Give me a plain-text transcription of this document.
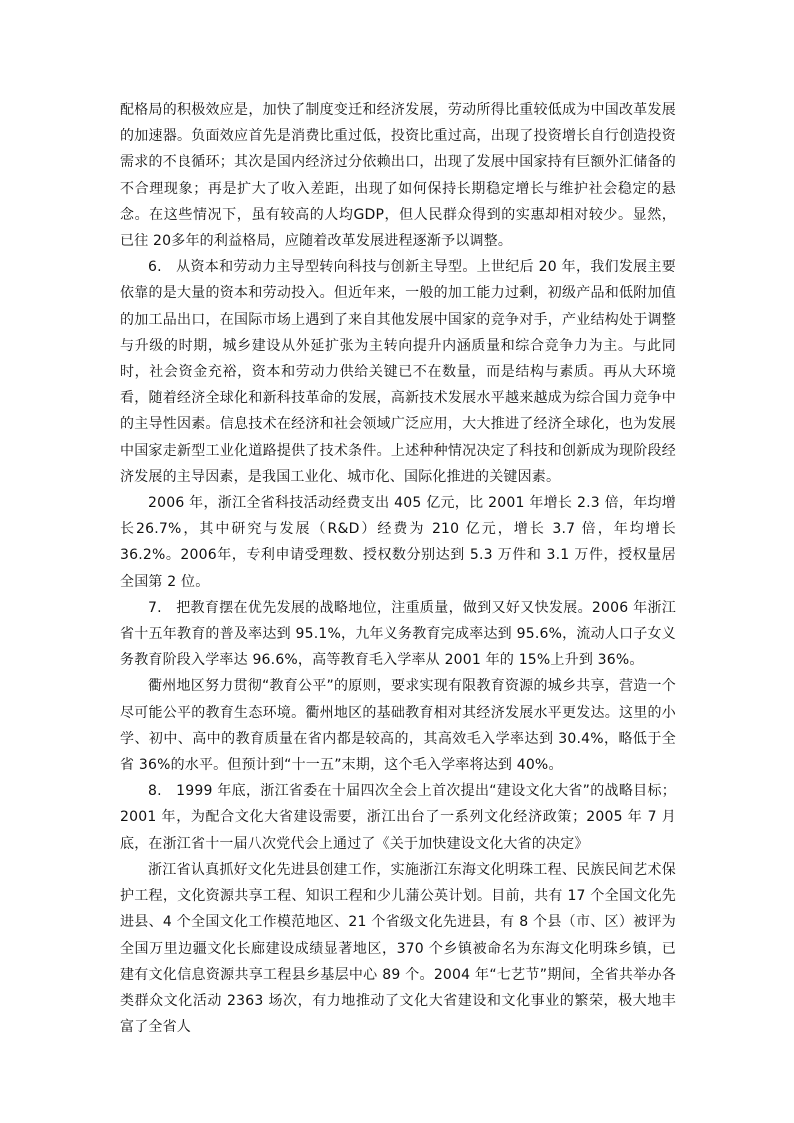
配格局的积极效应是，加快了制度变迁和经济发展，劳动所得比重较低成为中国改革发展的加速器。负面效应首先是消费比重过低，投资比重过高，出现了投资增长自行创造投资需求的不良循环；其次是国内经济过分依赖出口，出现了发展中国家持有巨额外汇储备的不合理现象；再是扩大了收入差距，出现了如何保持长期稳定增长与维护社会稳定的悬念。在这些情况下，虽有较高的人均GDP，但人民群众得到的实惠却相对较少。显然，已往 20多年的利益格局，应随着改革发展进程逐渐予以调整。

6.　从资本和劳动力主导型转向科技与创新主导型。上世纪后 20 年，我们发展主要依靠的是大量的资本和劳动投入。但近年来，一般的加工能力过剩，初级产品和低附加值的加工品出口，在国际市场上遇到了来自其他发展中国家的竞争对手，产业结构处于调整与升级的时期，城乡建设从外延扩张为主转向提升内涵质量和综合竞争力为主。与此同时，社会资金充裕，资本和劳动力供给关键已不在数量，而是结构与素质。再从大环境看，随着经济全球化和新科技革命的发展，高新技术发展水平越来越成为综合国力竞争中的主导性因素。信息技术在经济和社会领域广泛应用，大大推进了经济全球化，也为发展中国家走新型工业化道路提供了技术条件。上述种种情况决定了科技和创新成为现阶段经济发展的主导因素，是我国工业化、城市化、国际化推进的关键因素。

2006 年，浙江全省科技活动经费支出 405 亿元，比 2001 年增长 2.3 倍，年均增长26.7%，其中研究与发展（R&D）经费为 210 亿元，增长 3.7 倍，年均增长 36.2%。2006年，专利申请受理数、授权数分别达到 5.3 万件和 3.1 万件，授权量居全国第 2 位。

7.　把教育摆在优先发展的战略地位，注重质量，做到又好又快发展。2006 年浙江省十五年教育的普及率达到 95.1%，九年义务教育完成率达到 95.6%，流动人口子女义务教育阶段入学率达 96.6%，高等教育毛入学率从 2001 年的 15%上升到 36%。

衢州地区努力贯彻“教育公平”的原则，要求实现有限教育资源的城乡共享，营造一个尽可能公平的教育生态环境。衢州地区的基础教育相对其经济发展水平更发达。这里的小学、初中、高中的教育质量在省内都是较高的，其高效毛入学率达到 30.4%，略低于全省 36%的水平。但预计到“十一五”末期，这个毛入学率将达到 40%。

8.　1999 年底，浙江省委在十届四次全会上首次提出“建设文化大省”的战略目标；2001 年，为配合文化大省建设需要，浙江出台了一系列文化经济政策；2005 年 7 月底，在浙江省十一届八次党代会上通过了《关于加快建设文化大省的决定》

浙江省认真抓好文化先进县创建工作，实施浙江东海文化明珠工程、民族民间艺术保护工程，文化资源共享工程、知识工程和少儿蒲公英计划。目前，共有 17 个全国文化先进县、4 个全国文化工作模范地区、21 个省级文化先进县，有 8 个县（市、区）被评为全国万里边疆文化长廊建设成绩显著地区，370 个乡镇被命名为东海文化明珠乡镇，已建有文化信息资源共享工程县乡基层中心 89 个。2004 年“七艺节”期间，全省共举办各类群众文化活动 2363 场次，有力地推动了文化大省建设和文化事业的繁荣，极大地丰富了全省人
